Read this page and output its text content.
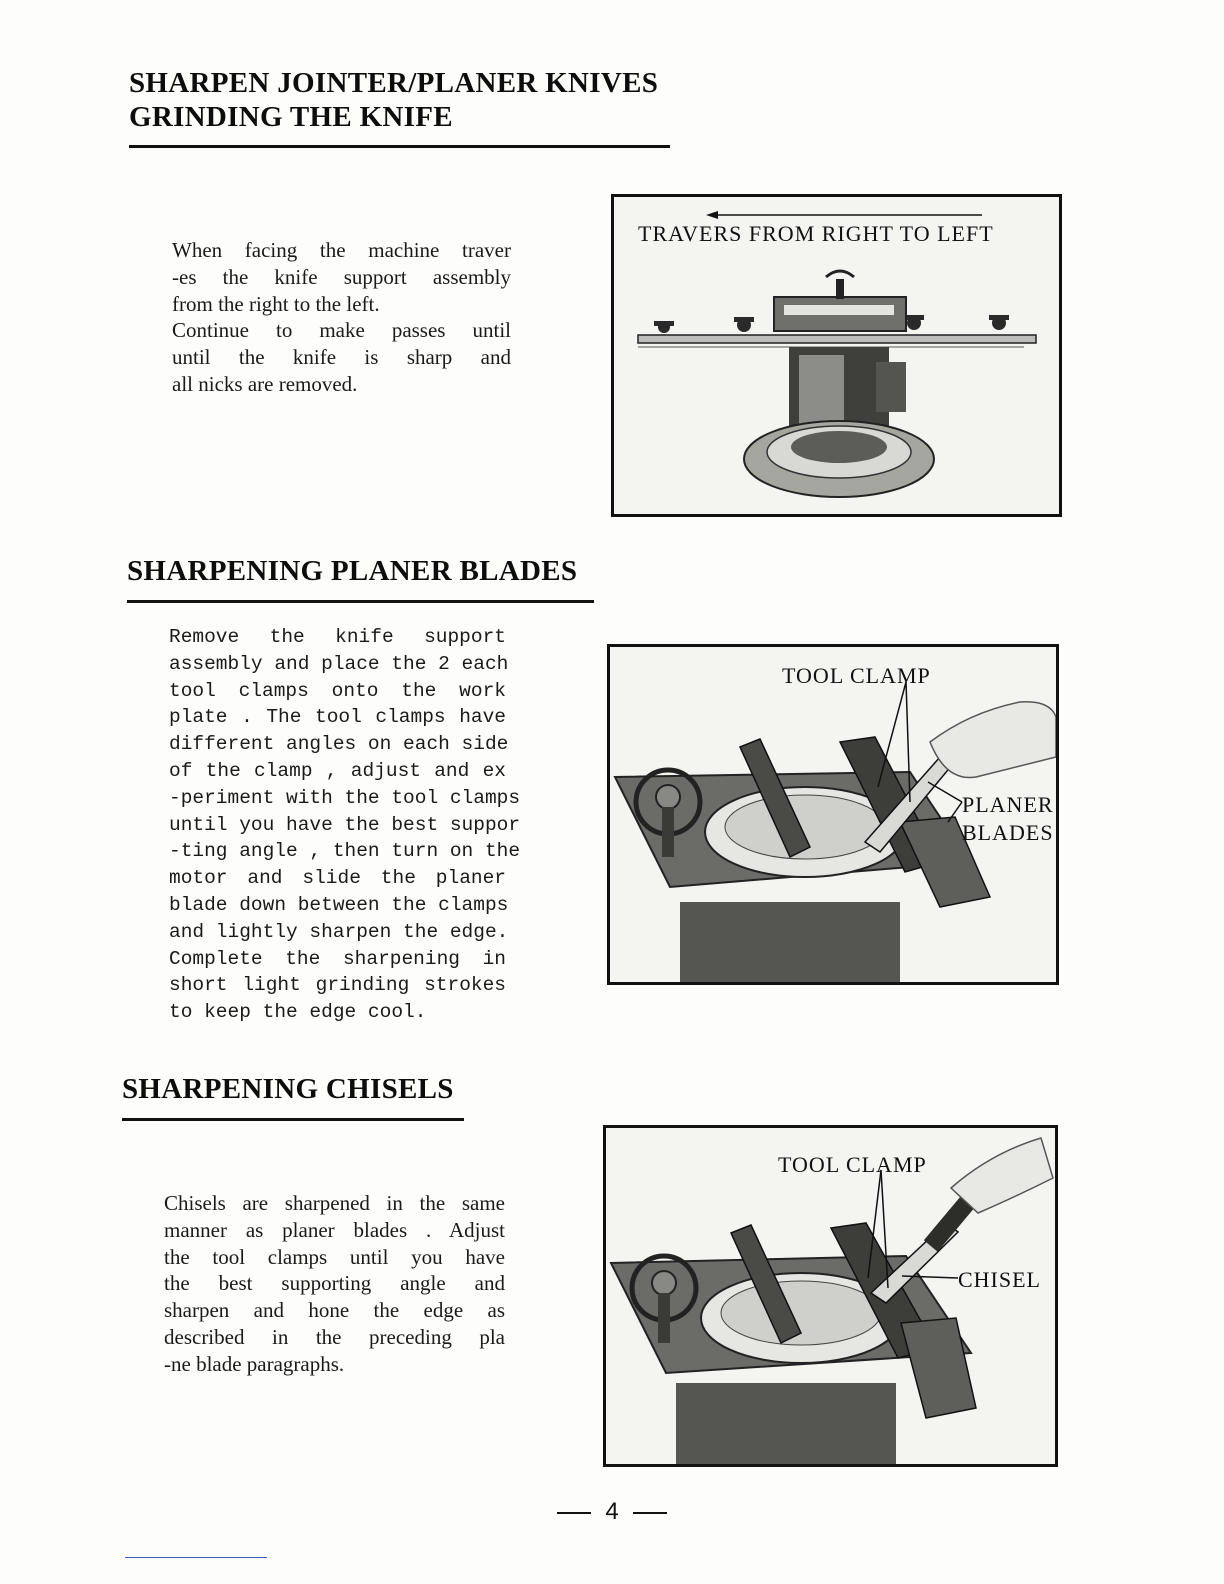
SHARPEN JOINTER/PLANER KNIVES
GRINDING THE KNIFE
When facing the machine traver
-es the knife support assembly
from the right to the left.
Continue to make passes until
until the knife is sharp and
all nicks are removed.
TRAVERS FROM RIGHT TO LEFT
SHARPENING PLANER BLADES
Remove the knife support
assembly and place the 2 each
tool clamps onto the work
plate . The tool clamps have
different angles on each side
of the clamp , adjust and ex
-periment with the tool clamps
until you have the best suppor
-ting angle , then turn on the
motor and slide the planer
blade down between the clamps
and lightly sharpen the edge.
Complete the sharpening in
short light grinding strokes
to keep the edge cool.
TOOL CLAMP
PLANER
BLADES
SHARPENING CHISELS
Chisels are sharpened in the same
manner as planer blades . Adjust
the tool clamps until you have
the best supporting angle and
sharpen and hone the edge as
described in the preceding pla
-ne blade paragraphs.
TOOL CLAMP
CHISEL
4
